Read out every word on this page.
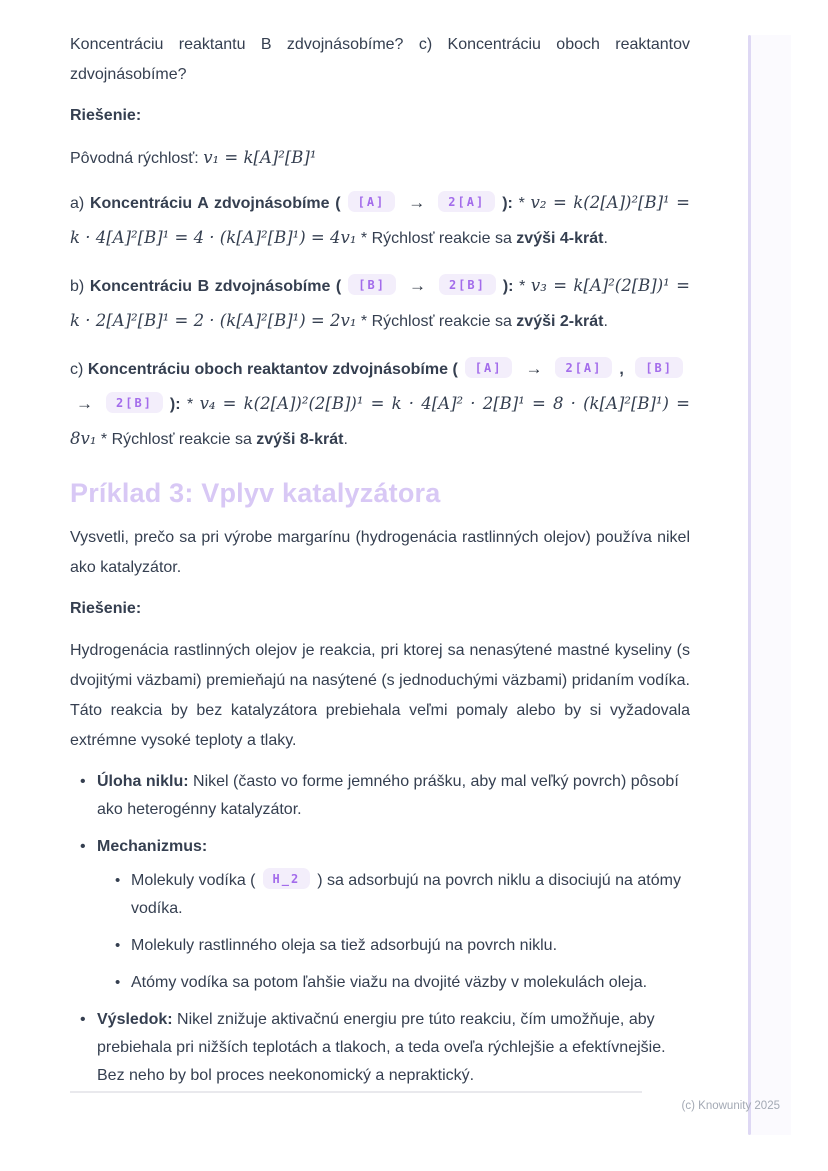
Koncentráciu reaktantu B zdvojnásobíme? c) Koncentráciu oboch reaktantov zdvojnásobíme?

Riešenie:

Pôvodná rýchlosť: v₁ = k[A]²[B]¹

a) Koncentráciu A zdvojnásobíme ( [A] → 2[A] ): * v₂ = k(2[A])²[B]¹ = k · 4[A]²[B]¹ = 4 · (k[A]²[B]¹) = 4v₁ * Rýchlosť reakcie sa zvýši 4-krát.

b) Koncentráciu B zdvojnásobíme ( [B] → 2[B] ): * v₃ = k[A]²(2[B])¹ = k · 2[A]²[B]¹ = 2 · (k[A]²[B]¹) = 2v₁ * Rýchlosť reakcie sa zvýši 2-krát.

c) Koncentráciu oboch reaktantov zdvojnásobíme ( [A] → 2[A] , [B]→ 2[B] ): * v₄ = k(2[A])²(2[B])¹ = k · 4[A]² · 2[B]¹ = 8 · (k[A]²[B]¹) = 8v₁ * Rýchlosť reakcie sa zvýši 8-krát.

Príklad 3: Vplyv katalyzátora

Vysvetli, prečo sa pri výrobe margarínu (hydrogenácia rastlinných olejov) používa nikel ako katalyzátor.

Riešenie:

Hydrogenácia rastlinných olejov je reakcia, pri ktorej sa nenasýtené mastné kyseliny (s dvojitými väzbami) premieňajú na nasýtené (s jednoduchými väzbami) pridaním vodíka. Táto reakcia by bez katalyzátora prebiehala veľmi pomaly alebo by si vyžadovala extrémne vysoké teploty a tlaky.

• Úloha niklu: Nikel (často vo forme jemného prášku, aby mal veľký povrch) pôsobí ako heterogénny katalyzátor.
• Mechanizmus:
• Molekuly vodíka ( H_2 ) sa adsorbujú na povrch niklu a disociujú na atómy vodíka.
• Molekuly rastlinného oleja sa tiež adsorbujú na povrch niklu.
• Atómy vodíka sa potom ľahšie viažu na dvojité väzby v molekulách oleja.
• Výsledok: Nikel znižuje aktivačnú energiu pre túto reakciu, čím umožňuje, aby prebiehala pri nižších teplotách a tlakoch, a teda oveľa rýchlejšie a efektívnejšie. Bez neho by bol proces neekonomický a nepraktický.
(c) Knowunity 2025
